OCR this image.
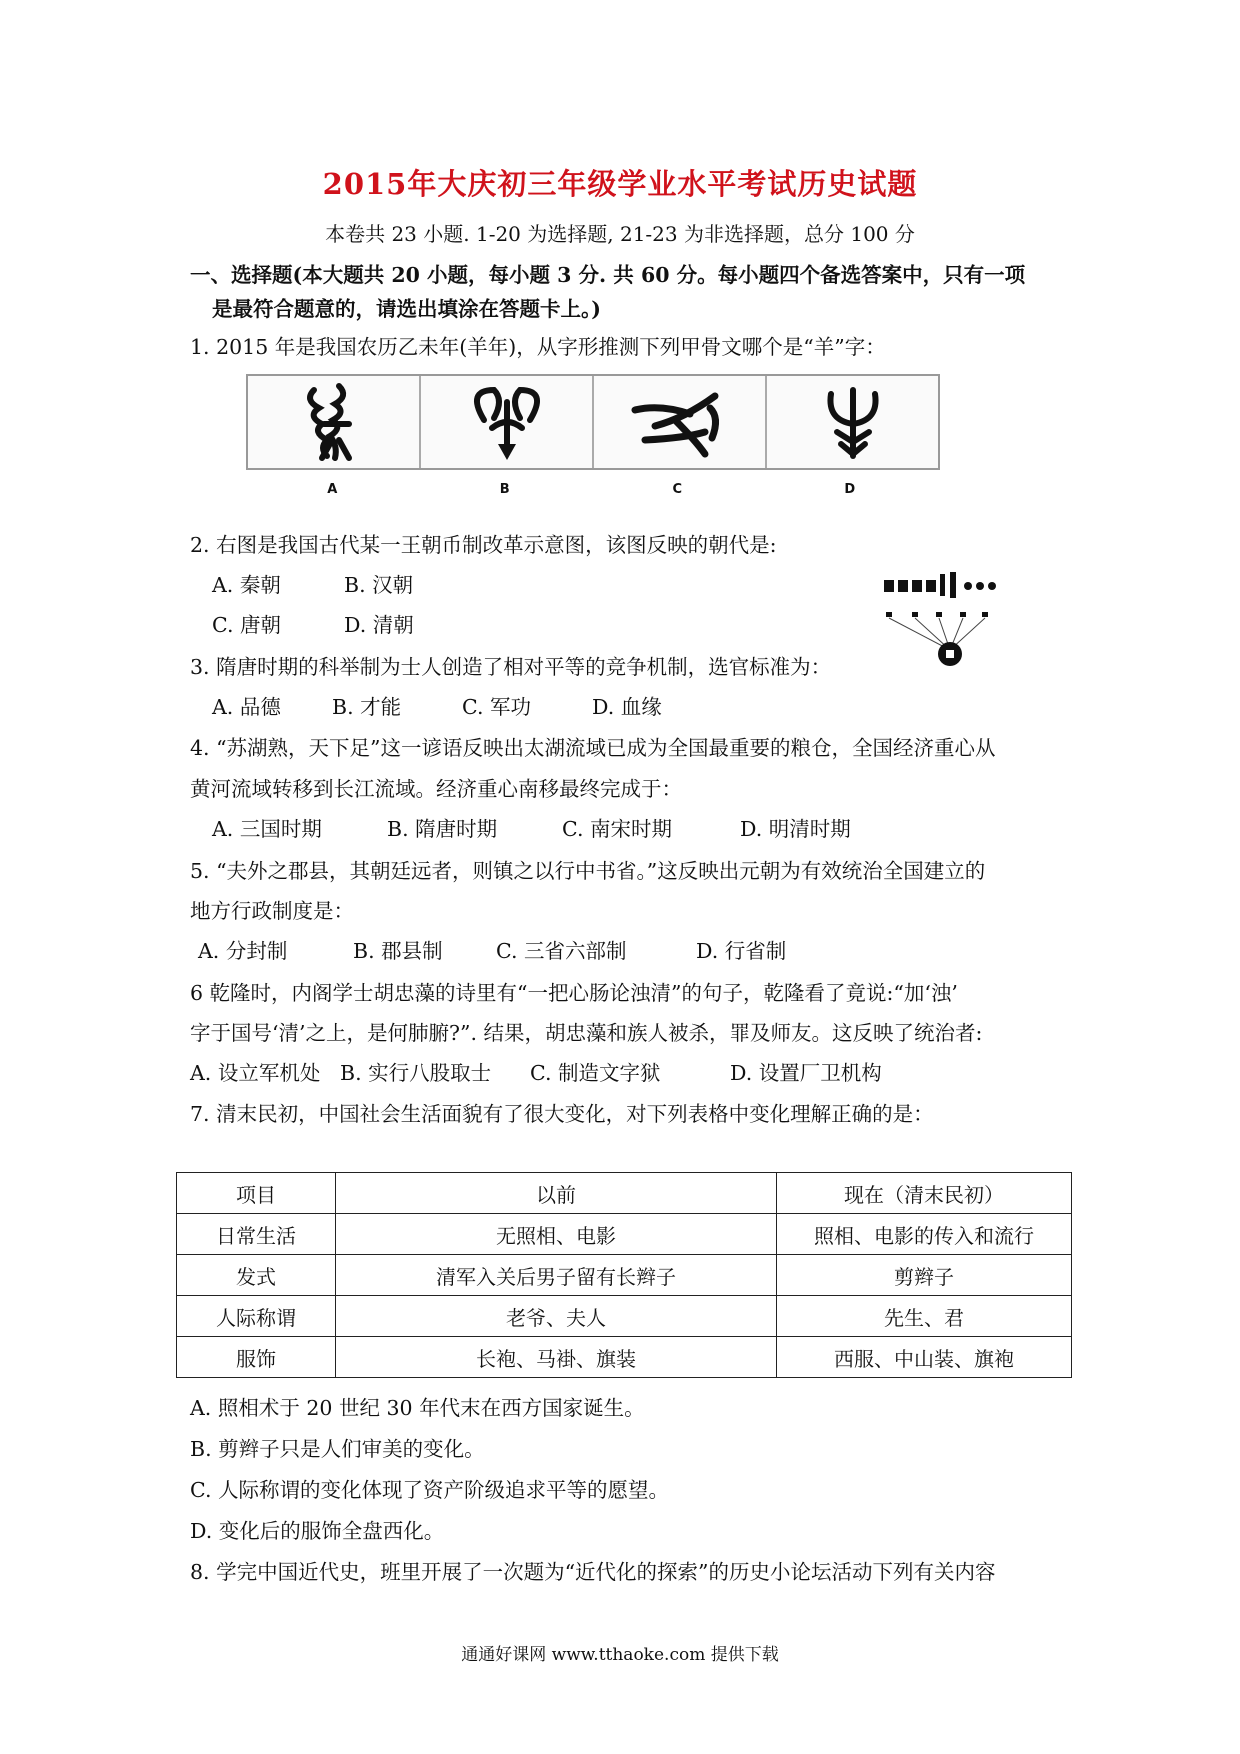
2015年大庆初三年级学业水平考试历史试题
本卷共 23 小题. 1-20 为选择题, 21-23 为非选择题，总分 100 分
一、选择题(本大题共 20 小题，每小题 3 分. 共 60 分。每小题四个备选答案中，只有一项
是最符合题意的，请选出填涂在答题卡上。)
1. 2015 年是我国农历乙未年(羊年)，从字形推测下列甲骨文哪个是“羊”字：
A	B	C	D
2. 右图是我国古代某一王朝币制改革示意图，该图反映的朝代是:
A. 秦朝	B. 汉朝
C. 唐朝	D. 清朝
3. 隋唐时期的科举制为士人创造了相对平等的竞争机制，选官标准为：
A. 品德 B. 才能	C. 军功	D. 血缘
4. “苏湖熟，天下足”这一谚语反映出太湖流域已成为全国最重要的粮仓，全国经济重心从
黄河流域转移到长江流域。经济重心南移最终完成于：
A. 三国时期	B. 隋唐时期	C. 南宋时期	D. 明清时期
5. “夫外之郡县，其朝廷远者，则镇之以行中书省。”这反映出元朝为有效统治全国建立的
地方行政制度是：
A. 分封制	B. 郡县制	C. 三省六部制	D. 行省制
6 乾隆时，内阁学士胡忠藻的诗里有“一把心肠论浊清”的句子，乾隆看了竟说:“加‘浊’
字于国号‘清’之上，是何肺腑?”. 结果，胡忠藻和族人被杀，罪及师友。这反映了统治者:
A. 设立军机处 B. 实行八股取士 C. 制造文字狱	D. 设置厂卫机构
7. 清末民初，中国社会生活面貌有了很大变化，对下列表格中变化理解正确的是：
项目	以前	现在（清末民初）
日常生活	无照相、电影	照相、电影的传入和流行
发式	清军入关后男子留有长辫子	剪辫子
人际称谓	老爷、夫人	先生、君
服饰	长袍、马褂、旗装	西服、中山装、旗袍
A. 照相术于 20 世纪 30 年代末在西方国家诞生。
B. 剪辫子只是人们审美的变化。
C. 人际称谓的变化体现了资产阶级追求平等的愿望。
D. 变化后的服饰全盘西化。
8. 学完中国近代史，班里开展了一次题为“近代化的探索”的历史小论坛活动下列有关内容
通通好课网 www.tthaoke.com 提供下载
